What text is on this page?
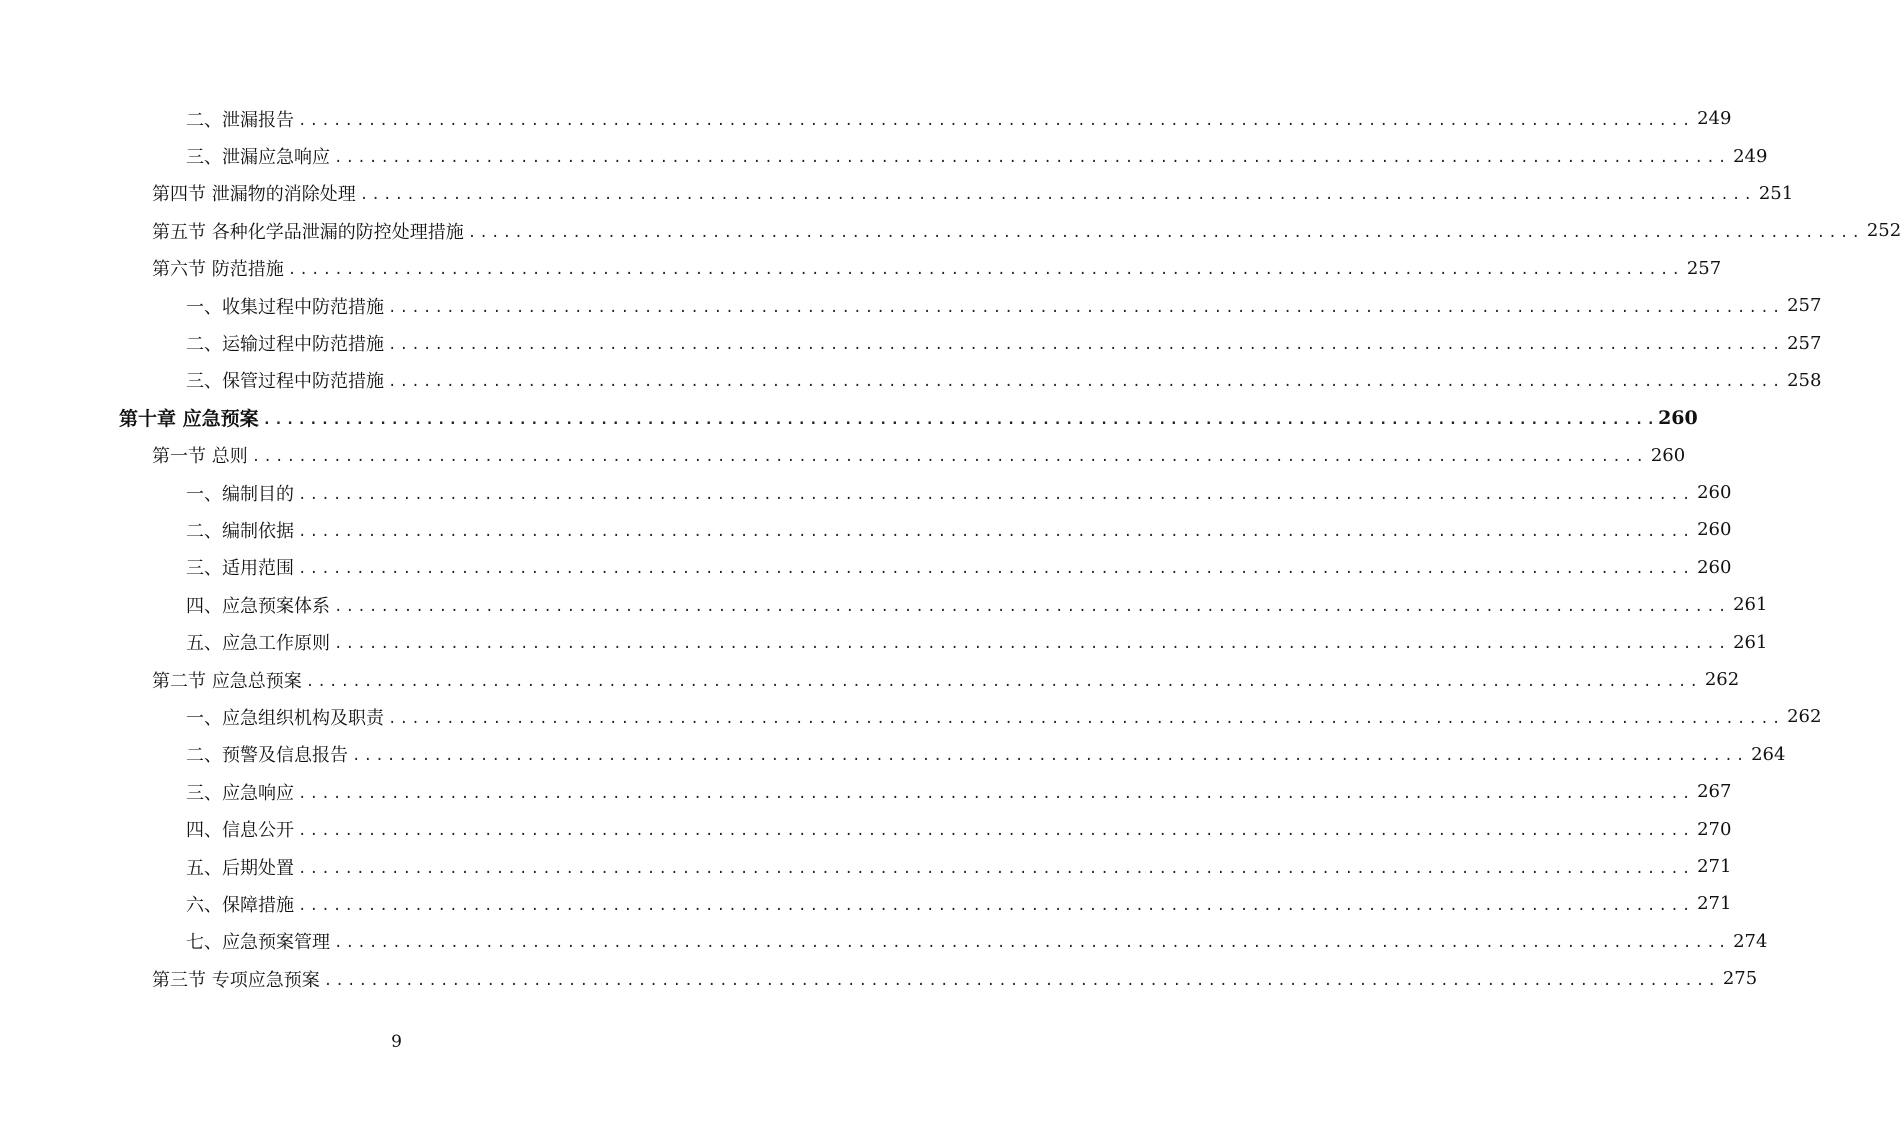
二、泄漏报告 ........................................................................................................................ 249
三、泄漏应急响应 ........................................................................................................................ 249
第四节 泄漏物的消除处理 ........................................................................................................................ 251
第五节 各种化学品泄漏的防控处理措施 ........................................................................................................................ 252
第六节 防范措施 ........................................................................................................................ 257
一、收集过程中防范措施 ........................................................................................................................ 257
二、运输过程中防范措施 ........................................................................................................................ 257
三、保管过程中防范措施 ........................................................................................................................ 258
第十章 应急预案 ........................................................................................................................ 260
第一节 总则 ........................................................................................................................ 260
一、编制目的 ........................................................................................................................ 260
二、编制依据 ........................................................................................................................ 260
三、适用范围 ........................................................................................................................ 260
四、应急预案体系 ........................................................................................................................ 261
五、应急工作原则 ........................................................................................................................ 261
第二节 应急总预案 ........................................................................................................................ 262
一、应急组织机构及职责 ........................................................................................................................ 262
二、预警及信息报告 ........................................................................................................................ 264
三、应急响应 ........................................................................................................................ 267
四、信息公开 ........................................................................................................................ 270
五、后期处置 ........................................................................................................................ 271
六、保障措施 ........................................................................................................................ 271
七、应急预案管理 ........................................................................................................................ 274
第三节 专项应急预案 ........................................................................................................................ 275
9
